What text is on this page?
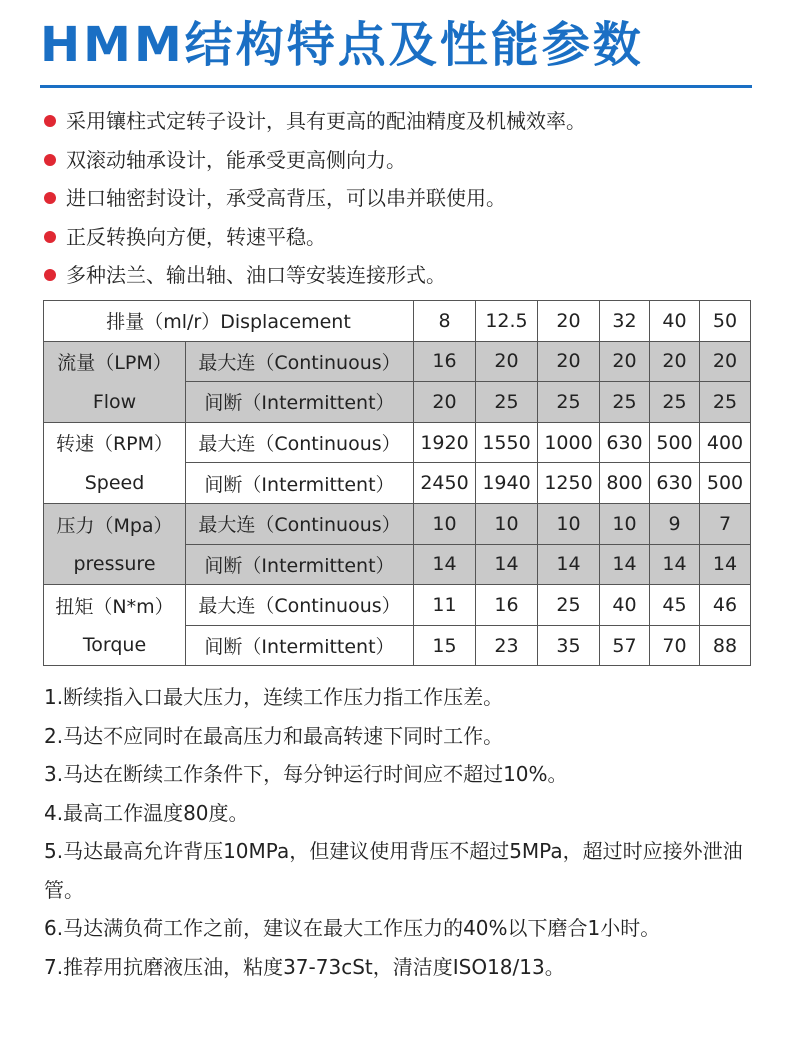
HMM结构特点及性能参数
采用镶柱式定转子设计，具有更高的配油精度及机械效率。
双滚动轴承设计，能承受更高侧向力。
进口轴密封设计，承受高背压，可以串并联使用。
正反转换向方便，转速平稳。
多种法兰、输出轴、油口等安装连接形式。
排量（ml/r）Displacement		8	12.5	20	32	40	50
流量（LPM）	最大连（Continuous）	16	20	20	20	20	20
Flow	间断（Intermittent）	20	25	25	25	25	25
转速（RPM）	最大连（Continuous）	1920	1550	1000	630	500	400
Speed	间断（Intermittent）	2450	1940	1250	800	630	500
压力（Mpa）	最大连（Continuous）	10	10	10	10	9	7
pressure	间断（Intermittent）	14	14	14	14	14	14
扭矩（N*m）	最大连（Continuous）	11	16	25	40	45	46
Torque	间断（Intermittent）	15	23	35	57	70	88
1.断续指入口最大压力，连续工作压力指工作压差。
2.马达不应同时在最高压力和最高转速下同时工作。
3.马达在断续工作条件下，每分钟运行时间应不超过10%。
4.最高工作温度80度。
5.马达最高允许背压10MPa，但建议使用背压不超过5MPa，超过时应接外泄油管。
6.马达满负荷工作之前，建议在最大工作压力的40%以下磨合1小时。
7.推荐用抗磨液压油，粘度37-73cSt，清洁度ISO18/13。
